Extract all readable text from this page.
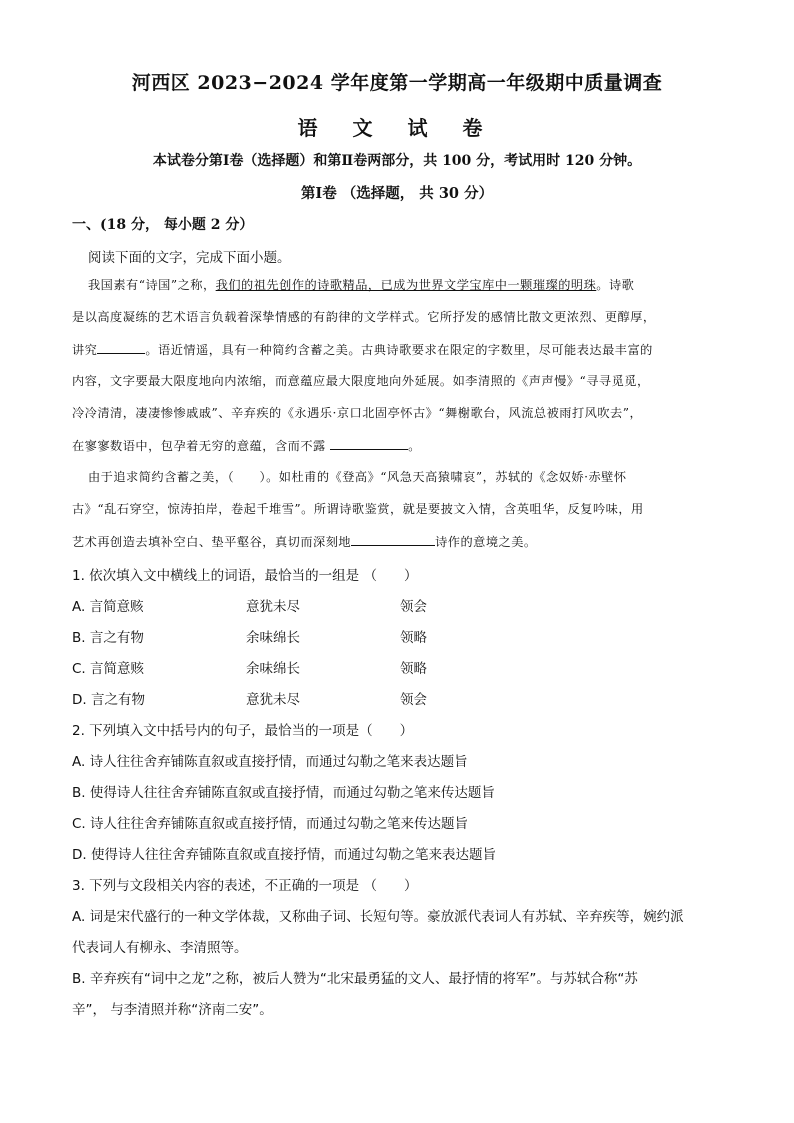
河西区 2023−2024 学年度第一学期高一年级期中质量调查
语 文 试 卷
本试卷分第Ⅰ卷（选择题）和第Ⅱ卷两部分，共 100 分，考试用时 120 分钟。
第Ⅰ卷 （选择题， 共 30 分）
一、(18 分， 每小题 2 分）
阅读下面的文字，完成下面小题。
我国素有“诗国”之称，我们的祖先创作的诗歌精品，已成为世界文学宝库中一颗璀璨的明珠。诗歌
是以高度凝练的艺术语言负载着深挚情感的有韵律的文学样式。它所抒发的感情比散文更浓烈、更醇厚，
讲究	。语近情遥，具有一种简约含蓄之美。古典诗歌要求在限定的字数里，尽可能表达最丰富的
内容，文字要最大限度地向内浓缩，而意蕴应最大限度地向外延展。如李清照的《声声慢》“寻寻觅觅，
冷冷清清，凄凄惨惨戚戚”、辛弃疾的《永遇乐·京口北固亭怀古》“舞榭歌台，风流总被雨打风吹去”，
在寥寥数语中，包孕着无穷的意蕴，含而不露	。
由于追求简约含蓄之美，（　　）。如杜甫的《登高》“风急天高猿啸哀”，苏轼的《念奴娇·赤壁怀
古》“乱石穿空，惊涛拍岸，卷起千堆雪”。所谓诗歌鉴赏，就是要披文入情，含英咀华，反复吟味，用
艺术再创造去填补空白、垫平壑谷，真切而深刻地	诗作的意境之美。
1. 依次填入文中横线上的词语，最恰当的一组是 （　　）
A. 言简意赅	意犹未尽	领会
B. 言之有物	余味绵长	领略
C. 言简意赅	余味绵长	领略
D. 言之有物	意犹未尽	领会
2. 下列填入文中括号内的句子，最恰当的一项是（　　）
A. 诗人往往舍弃铺陈直叙或直接抒情，而通过勾勒之笔来表达题旨
B. 使得诗人往往舍弃铺陈直叙或直接抒情，而通过勾勒之笔来传达题旨
C. 诗人往往舍弃铺陈直叙或直接抒情，而通过勾勒之笔来传达题旨
D. 使得诗人往往舍弃铺陈直叙或直接抒情，而通过勾勒之笔来表达题旨
3. 下列与文段相关内容的表述，不正确的一项是 （　　）
A. 词是宋代盛行的一种文学体裁，又称曲子词、长短句等。豪放派代表词人有苏轼、辛弃疾等，婉约派
代表词人有柳永、李清照等。
B. 辛弃疾有“词中之龙”之称，被后人赞为“北宋最勇猛的文人、最抒情的将军”。与苏轼合称“苏
辛”， 与李清照并称“济南二安”。
